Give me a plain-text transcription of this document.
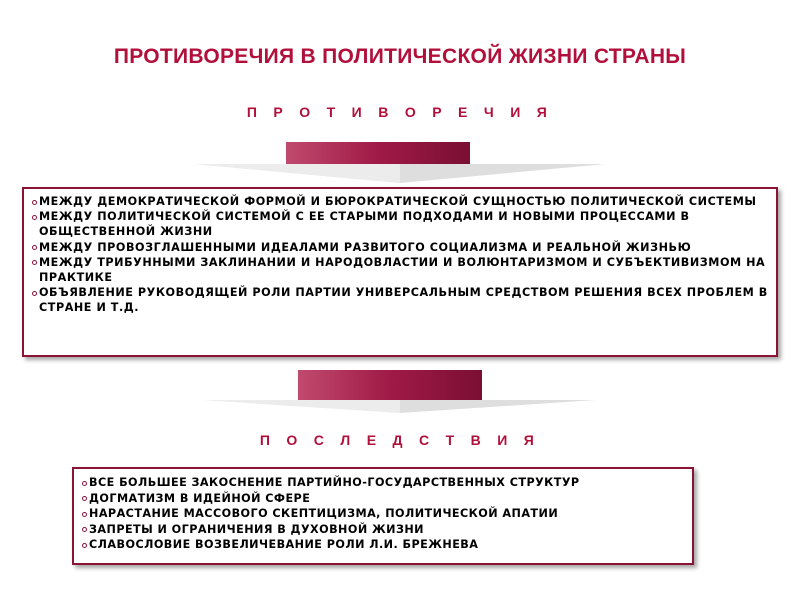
ПРОТИВОРЕЧИЯ В ПОЛИТИЧЕСКОЙ ЖИЗНИ СТРАНЫ
П Р О Т И В О Р Е Ч И Я
МЕЖДУ ДЕМОКРАТИЧЕСКОЙ ФОРМОЙ И БЮРОКРАТИЧЕСКОЙ СУЩНОСТЬЮ ПОЛИТИЧЕСКОЙ СИСТЕМЫ
МЕЖДУ ПОЛИТИЧЕСКОЙ СИСТЕМОЙ С ЕЕ СТАРЫМИ ПОДХОДАМИ И НОВЫМИ ПРОЦЕССАМИ В ОБЩЕСТВЕННОЙ ЖИЗНИ
МЕЖДУ ПРОВОЗГЛАШЕННЫМИ ИДЕАЛАМИ РАЗВИТОГО СОЦИАЛИЗМА И РЕАЛЬНОЙ ЖИЗНЬЮ
МЕЖДУ ТРИБУННЫМИ ЗАКЛИНАНИИ И НАРОДОВЛАСТИИ И ВОЛЮНТАРИЗМОМ И СУБЪЕКТИВИЗМОМ НА ПРАКТИКЕ
ОБЪЯВЛЕНИЕ РУКОВОДЯЩЕЙ РОЛИ ПАРТИИ УНИВЕРСАЛЬНЫМ СРЕДСТВОМ РЕШЕНИЯ ВСЕХ ПРОБЛЕМ В СТРАНЕ И Т.Д.
П О С Л Е Д С Т В И Я
ВСЕ БОЛЬШЕЕ ЗАКОСНЕНИЕ ПАРТИЙНО-ГОСУДАРСТВЕННЫХ СТРУКТУР
ДОГМАТИЗМ В ИДЕЙНОЙ СФЕРЕ
НАРАСТАНИЕ МАССОВОГО СКЕПТИЦИЗМА, ПОЛИТИЧЕСКОЙ АПАТИИ
ЗАПРЕТЫ И ОГРАНИЧЕНИЯ В ДУХОВНОЙ ЖИЗНИ
СЛАВОСЛОВИЕ ВОЗВЕЛИЧЕВАНИЕ РОЛИ Л.И. БРЕЖНЕВА
